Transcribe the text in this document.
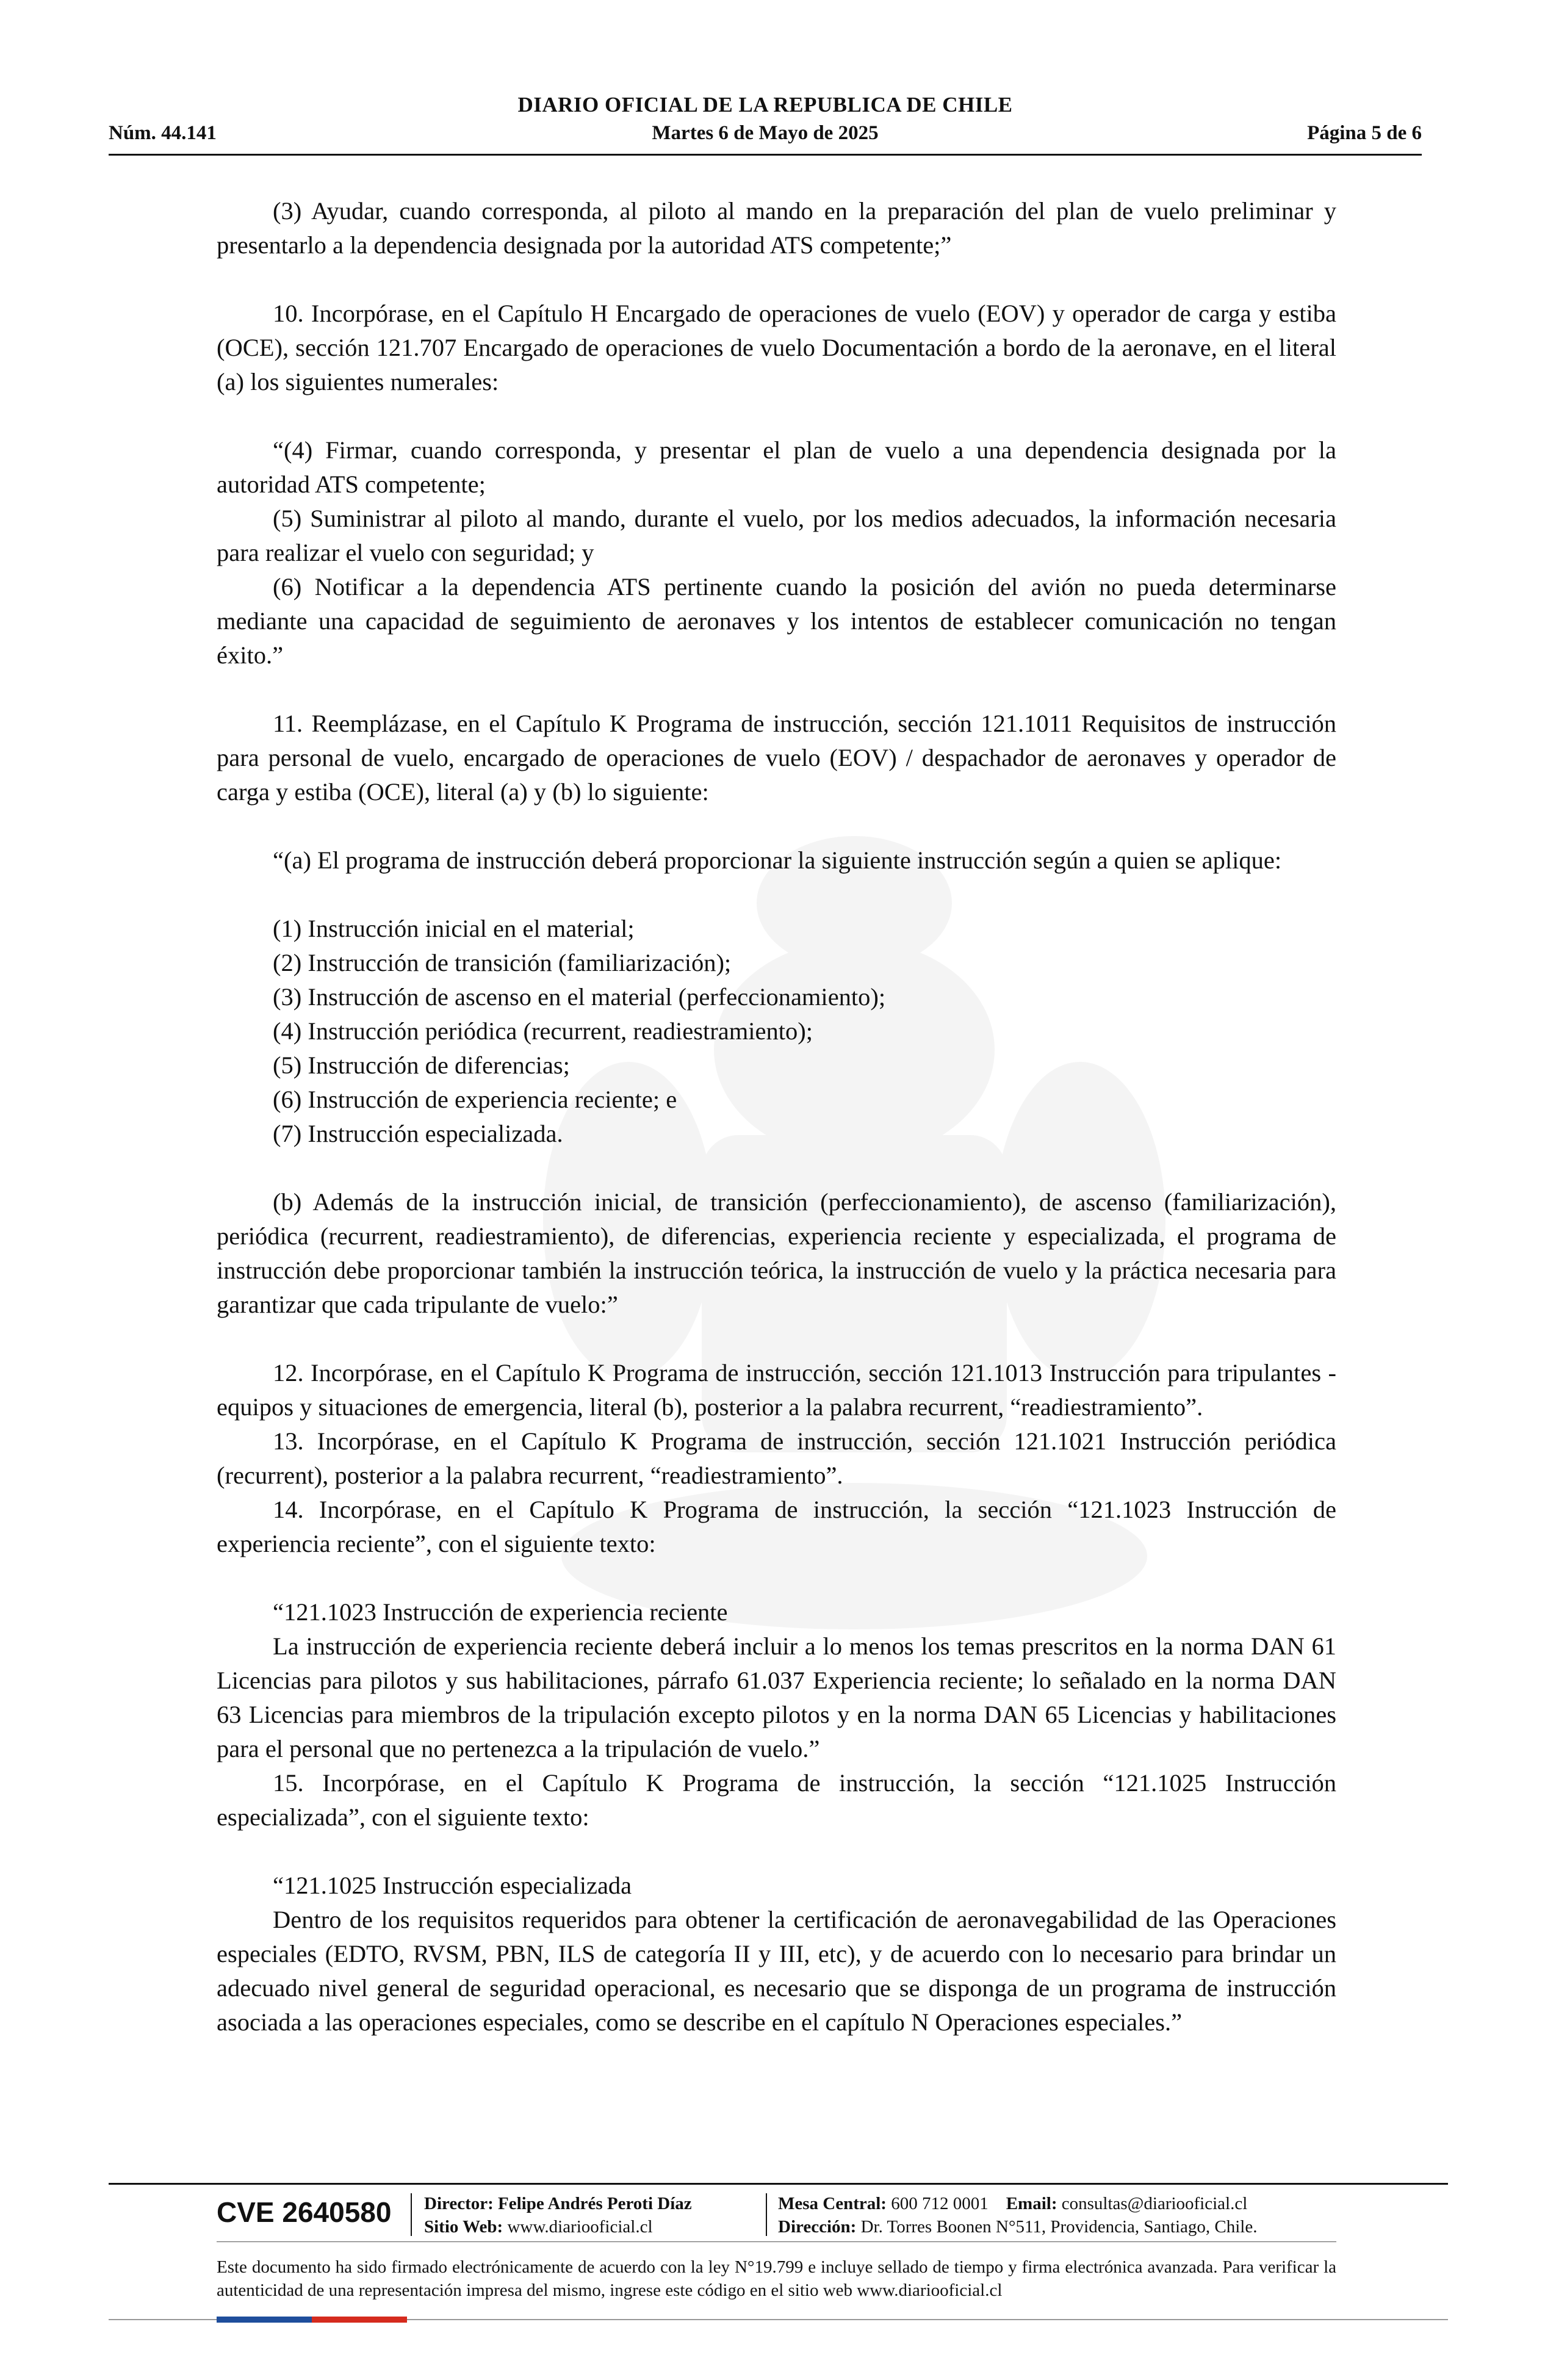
DIARIO OFICIAL DE LA REPUBLICA DE CHILE
Núm. 44.141	Martes 6 de Mayo de 2025	Página 5 de 6

(3) Ayudar, cuando corresponda, al piloto al mando en la preparación del plan de vuelo preliminar y presentarlo a la dependencia designada por la autoridad ATS competente;”

10. Incorpórase, en el Capítulo H Encargado de operaciones de vuelo (EOV) y operador de carga y estiba (OCE), sección 121.707 Encargado de operaciones de vuelo Documentación a bordo de la aeronave, en el literal (a) los siguientes numerales:

“(4) Firmar, cuando corresponda, y presentar el plan de vuelo a una dependencia designada por la autoridad ATS competente;

(5) Suministrar al piloto al mando, durante el vuelo, por los medios adecuados, la información necesaria para realizar el vuelo con seguridad; y

(6) Notificar a la dependencia ATS pertinente cuando la posición del avión no pueda determinarse mediante una capacidad de seguimiento de aeronaves y los intentos de establecer comunicación no tengan éxito.”

11. Reemplázase, en el Capítulo K Programa de instrucción, sección 121.1011 Requisitos de instrucción para personal de vuelo, encargado de operaciones de vuelo (EOV) / despachador de aeronaves y operador de carga y estiba (OCE), literal (a) y (b) lo siguiente:

“(a) El programa de instrucción deberá proporcionar la siguiente instrucción según a quien se aplique:

(1) Instrucción inicial en el material;

(2) Instrucción de transición (familiarización);

(3) Instrucción de ascenso en el material (perfeccionamiento);

(4) Instrucción periódica (recurrent, readiestramiento);

(5) Instrucción de diferencias;

(6) Instrucción de experiencia reciente; e

(7) Instrucción especializada.

(b) Además de la instrucción inicial, de transición (perfeccionamiento), de ascenso (familiarización), periódica (recurrent, readiestramiento), de diferencias, experiencia reciente y especializada, el programa de instrucción debe proporcionar también la instrucción teórica, la instrucción de vuelo y la práctica necesaria para garantizar que cada tripulante de vuelo:”

12. Incorpórase, en el Capítulo K Programa de instrucción, sección 121.1013 Instrucción para tripulantes - equipos y situaciones de emergencia, literal (b), posterior a la palabra recurrent, “readiestramiento”.

13. Incorpórase, en el Capítulo K Programa de instrucción, sección 121.1021 Instrucción periódica (recurrent), posterior a la palabra recurrent, “readiestramiento”.

14. Incorpórase, en el Capítulo K Programa de instrucción, la sección “121.1023 Instrucción de experiencia reciente”, con el siguiente texto:

“121.1023 Instrucción de experiencia reciente

La instrucción de experiencia reciente deberá incluir a lo menos los temas prescritos en la norma DAN 61 Licencias para pilotos y sus habilitaciones, párrafo 61.037 Experiencia reciente; lo señalado en la norma DAN 63 Licencias para miembros de la tripulación excepto pilotos y en la norma DAN 65 Licencias y habilitaciones para el personal que no pertenezca a la tripulación de vuelo.”

15. Incorpórase, en el Capítulo K Programa de instrucción, la sección “121.1025 Instrucción especializada”, con el siguiente texto:

“121.1025 Instrucción especializada

Dentro de los requisitos requeridos para obtener la certificación de aeronavegabilidad de las Operaciones especiales (EDTO, RVSM, PBN, ILS de categoría II y III, etc), y de acuerdo con lo necesario para brindar un adecuado nivel general de seguridad operacional, es necesario que se disponga de un programa de instrucción asociada a las operaciones especiales, como se describe en el capítulo N Operaciones especiales.”

CVE 2640580 Director: Felipe Andrés Peroti Díaz
Sitio Web: www.diariooficial.cl
Mesa Central: 600 712 0001 Email: consultas@diariooficial.cl
Dirección: Dr. Torres Boonen N°511, Providencia, Santiago, Chile.
Este documento ha sido firmado electrónicamente de acuerdo con la ley N°19.799 e incluye sellado de tiempo y firma electrónica avanzada. Para verificar la autenticidad de una representación impresa del mismo, ingrese este código en el sitio web www.diariooficial.cl
